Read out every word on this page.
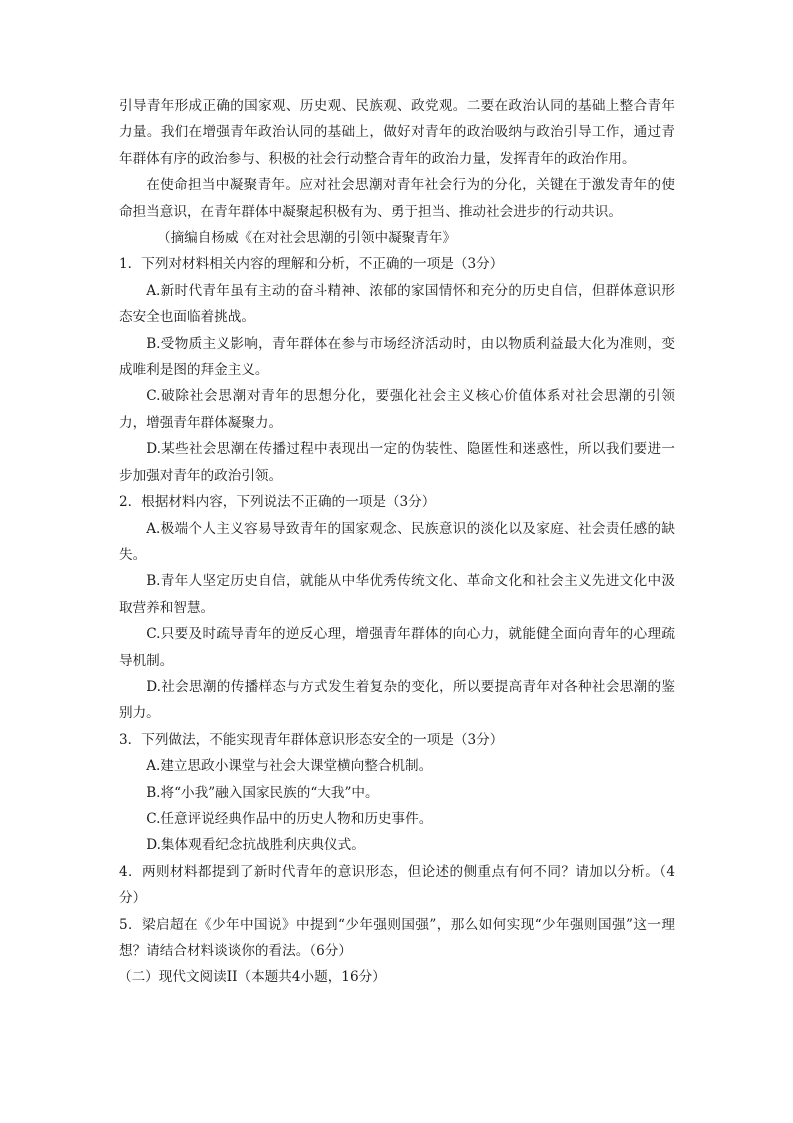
引导青年形成正确的国家观、历史观、民族观、政党观。二要在政治认同的基础上整合青年力量。我们在增强青年政治认同的基础上，做好对青年的政治吸纳与政治引导工作，通过青年群体有序的政治参与、积极的社会行动整合青年的政治力量，发挥青年的政治作用。

在使命担当中凝聚青年。应对社会思潮对青年社会行为的分化，关键在于激发青年的使命担当意识，在青年群体中凝聚起积极有为、勇于担当、推动社会进步的行动共识。

（摘编自杨威《在对社会思潮的引领中凝聚青年》

1．下列对材料相关内容的理解和分析，不正确的一项是（3分）

A.新时代青年虽有主动的奋斗精神、浓郁的家国情怀和充分的历史自信，但群体意识形态安全也面临着挑战。

B.受物质主义影响，青年群体在参与市场经济活动时，由以物质利益最大化为准则，变成唯利是图的拜金主义。

C.破除社会思潮对青年的思想分化，要强化社会主义核心价值体系对社会思潮的引领力，增强青年群体凝聚力。

D.某些社会思潮在传播过程中表现出一定的伪装性、隐匿性和迷惑性，所以我们要进一步加强对青年的政治引领。

2．根据材料内容，下列说法不正确的一项是（3分）

A.极端个人主义容易导致青年的国家观念、民族意识的淡化以及家庭、社会责任感的缺失。

B.青年人坚定历史自信，就能从中华优秀传统文化、革命文化和社会主义先进文化中汲取营养和智慧。

C.只要及时疏导青年的逆反心理，增强青年群体的向心力，就能健全面向青年的心理疏导机制。

D.社会思潮的传播样态与方式发生着复杂的变化，所以要提高青年对各种社会思潮的鉴别力。

3．下列做法，不能实现青年群体意识形态安全的一项是（3分）

A.建立思政小课堂与社会大课堂横向整合机制。

B.将“小我”融入国家民族的“大我”中。

C.任意评说经典作品中的历史人物和历史事件。

D.集体观看纪念抗战胜利庆典仪式。

4．两则材料都提到了新时代青年的意识形态，但论述的侧重点有何不同？请加以分析。（4分）

5．梁启超在《少年中国说》中提到“少年强则国强”，那么如何实现“少年强则国强”这一理想？请结合材料谈谈你的看法。（6分）

（二）现代文阅读II（本题共4小题，16分）
